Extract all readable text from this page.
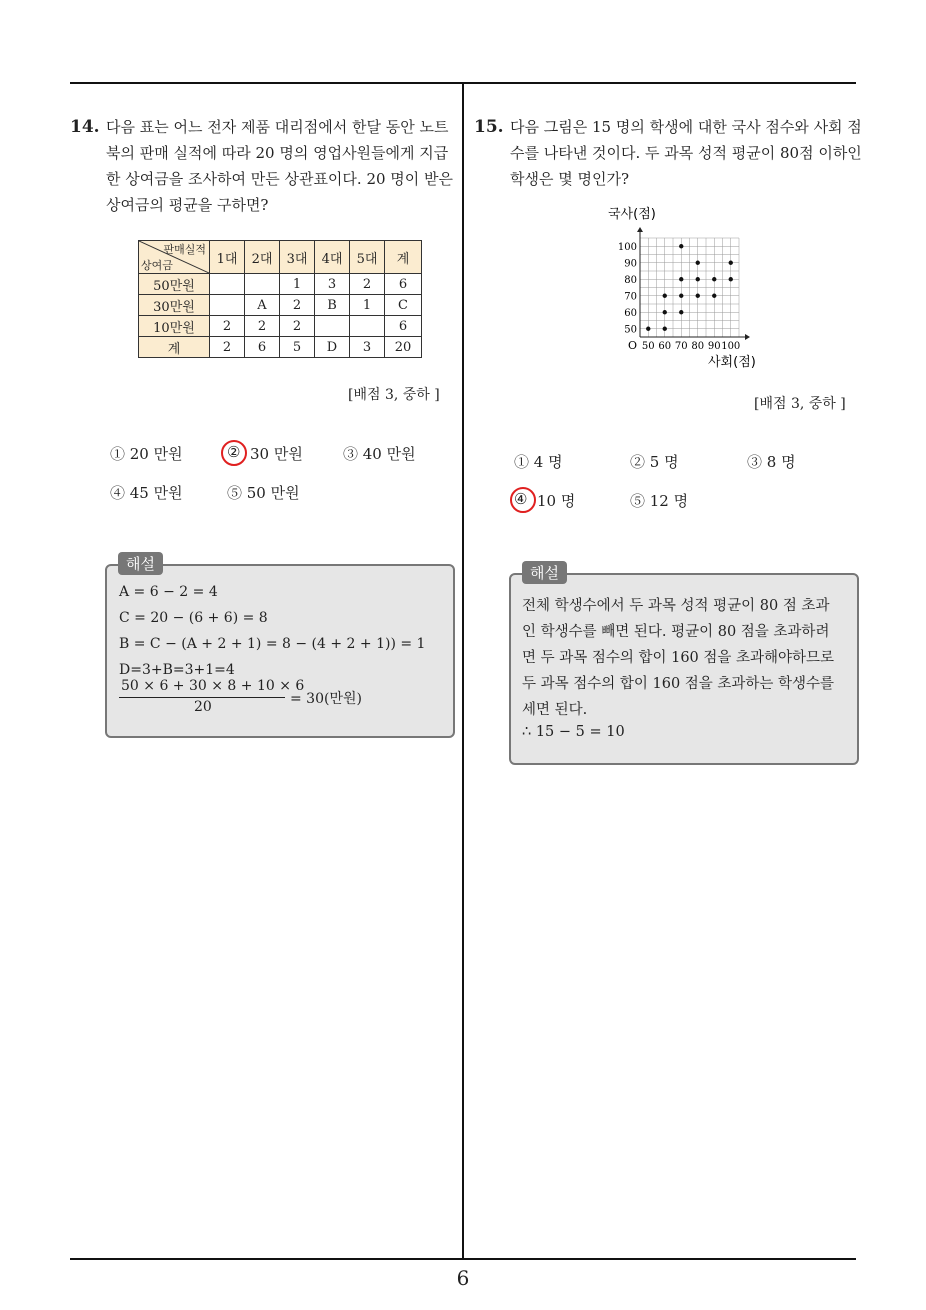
6
14. 다음 표는 어느 전자 제품 대리점에서 한달 동안 노트
북의 판매 실적에 따라 20 명의 영업사원들에게 지급
한 상여금을 조사하여 만든 상관표이다. 20 명이 받은
상여금의 평균을 구하면?
판매실적
상여금	1대	2대	3대	4대	5대	계
50만원			1	3	2	6
30만원		A	2	B	1	C
10만원	2	2	2			6
계	2	6	5	D	3	20
[배점 3, 중하 ]
① 20 만원	② 30 만원	③ 40 만원
④ 45 만원	⑤ 50 만원
해설
A = 6 − 2 = 4
C = 20 − (6 + 6) = 8
B = C − (A + 2 + 1) = 8 − (4 + 2 + 1)) = 1
D=3+B=3+1=4
50 × 6 + 30 × 8 + 10 × 6
20	= 30(만원)
15. 다음 그림은 15 명의 학생에 대한 국사 점수와 사회 점
수를 나타낸 것이다. 두 과목 성적 평균이 80점 이하인
학생은 몇 명인가?
국사(점)
사회(점)
O 50 60 70 80 90 100
50
60
70
80
90
100
[배점 3, 중하 ]
① 4 명	② 5 명	③ 8 명
④ 10 명	⑤ 12 명
해설
전체 학생수에서 두 과목 성적 평균이 80 점 초과
인 학생수를 빼면 된다. 평균이 80 점을 초과하려
면 두 과목 점수의 합이 160 점을 초과해야하므로
두 과목 점수의 합이 160 점을 초과하는 학생수를
세면 된다.
∴ 15 − 5 = 10
